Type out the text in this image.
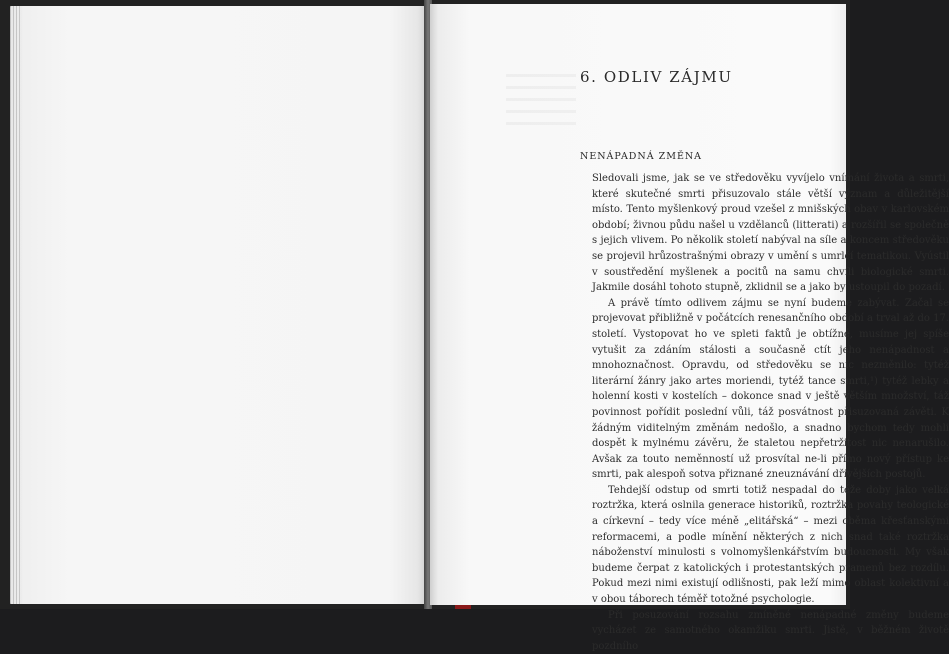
6. ODLIV ZÁJMU
NENÁPADNÁ ZMĚNA

Sledovali jsme, jak se ve středověku vyvíjelo vnímání života a smrti, které skutečné smrti přisuzovalo stále větší význam a důležitější místo. Tento myšlenkový proud vzešel z mnišských obav v karlovském období; živnou půdu našel u vzdělanců (litterati) a rozšířil se společně s jejich vlivem. Po několik století nabýval na síle a koncem středověku se projevil hrůzostrašnými obrazy v umění s umrlčí tematikou. Vyústil v soustředění myšlenek a pocitů na samu chvíli biologické smrti. Jakmile dosáhl tohoto stupně, zklidnil se a jako by ustoupil do pozadí.

A právě tímto odlivem zájmu se nyní budeme zabývat. Začal se projevovat přibližně v počátcích renesančního období a trval až do 17. století. Vystopovat ho ve spleti faktů je obtížné, musíme jej spíše vytušit za zdáním stálosti a současně ctít jeho nenápadnost a mnohoznačnost. Opravdu, od středověku se nic nezměnilo: tytéž literární žánry jako artes moriendi, tytéž tance smrti,¹) tytéž lebky a holenní kosti v kostelích – dokonce snad v ještě větším množství, táž povinnost pořídit poslední vůli, táž posvátnost přisuzovaná závěti. K žádným viditelným změnám nedošlo, a snadno bychom tedy mohli dospět k mylnému závěru, že staletou nepřetržitost nic nenarušilo. Avšak za touto neměnností už prosvítal ne-li přímo nový přístup ke smrti, pak alespoň sotva přiznané zneuznávání dřívějších postojů.

Tehdejší odstup od smrti totiž nespadal do téže doby jako velká roztržka, která oslnila generace historiků, roztržka povahy teologické a církevní – tedy více méně „elitářská“ – mezi oběma křesťanskými reformacemi, a podle mínění některých z nich snad také roztržka náboženství minulosti s volnomyšlenkářstvím budoucnosti. My však budeme čerpat z katolických i protestantských pramenů bez rozdílu. Pokud mezi nimi existují odlišnosti, pak leží mimo oblast kolektivní a v obou táborech téměř totožné psychologie.

Při posuzování rozsahu zmíněné nenápadné změny budeme vycházet ze samotného okamžiku smrti. Jistě, v běžném životě pozdního
